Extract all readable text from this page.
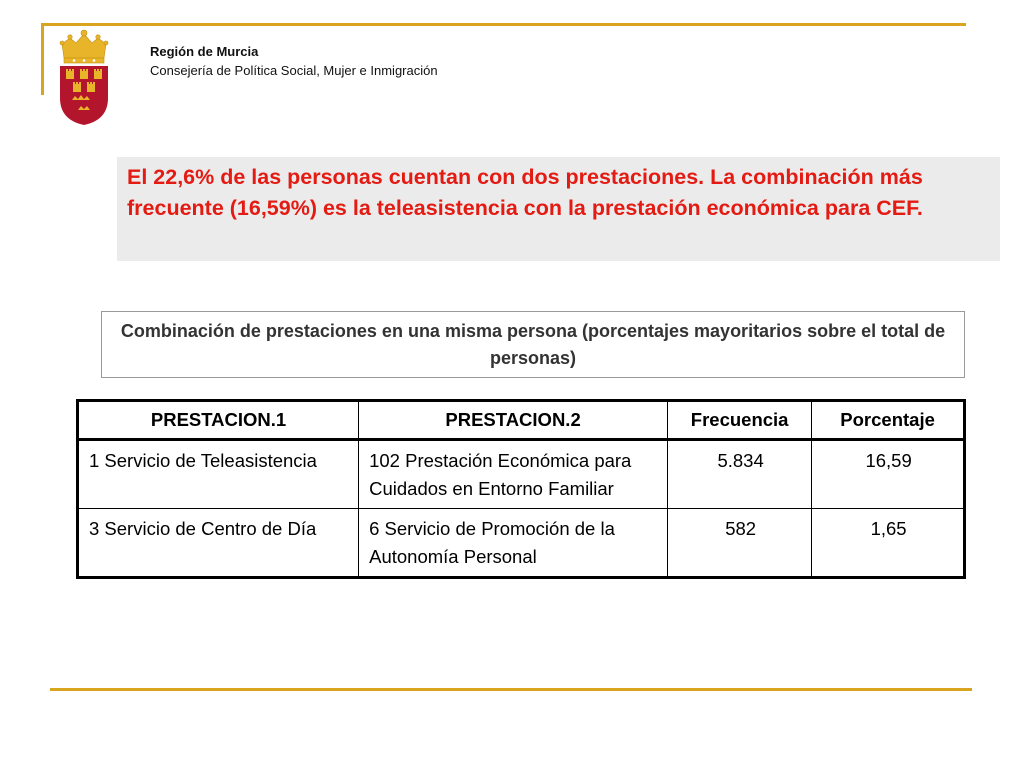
Región de Murcia
Consejería de Política Social, Mujer e Inmigración

El 22,6% de las personas cuentan con dos prestaciones. La combinación más frecuente (16,59%) es la teleasistencia con la prestación económica para CEF.

Combinación de prestaciones en una misma persona (porcentajes mayoritarios sobre el total de personas)

PRESTACION.1	PRESTACION.2	Frecuencia	Porcentaje
1 Servicio de Teleasistencia	102 Prestación Económica para Cuidados en Entorno Familiar	5.834	16,59
3 Servicio de Centro de Día	6 Servicio de Promoción de la Autonomía Personal	582	1,65
